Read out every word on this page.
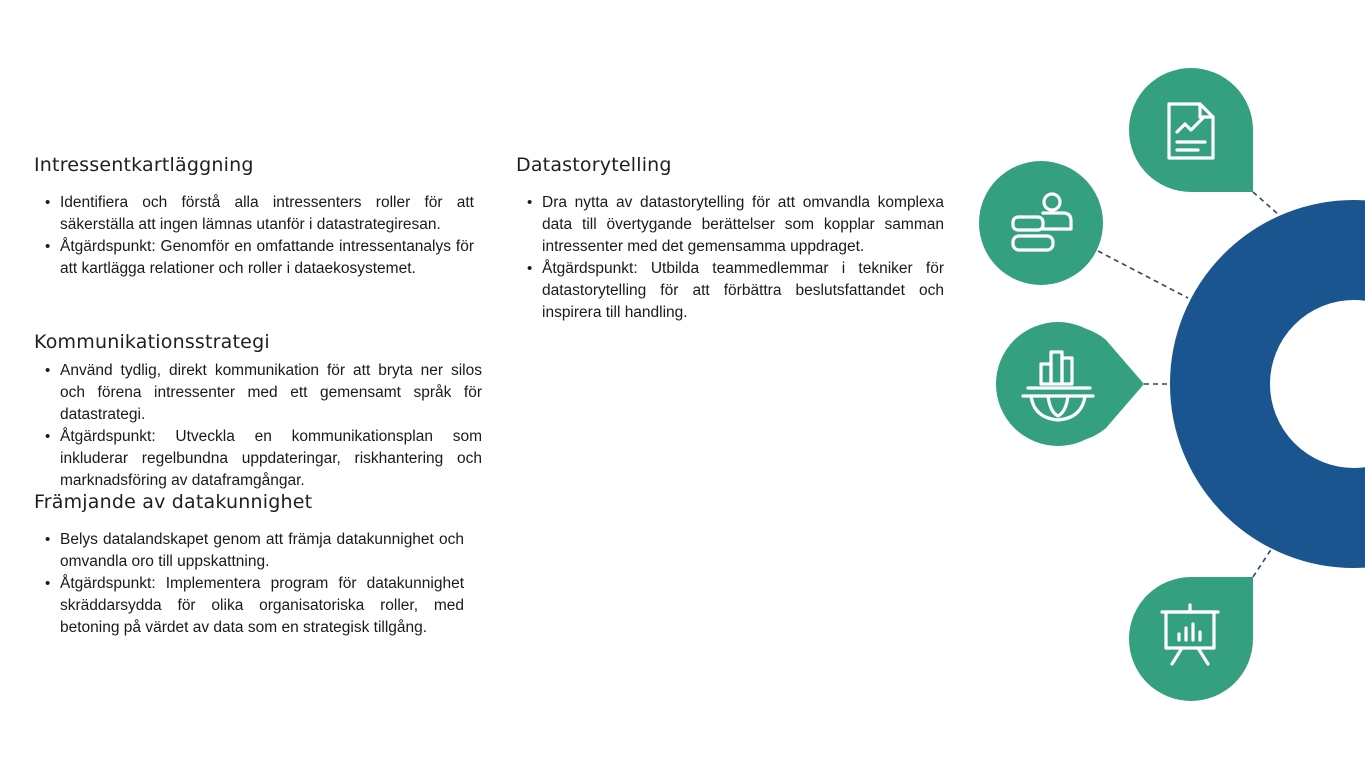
Intressentkartläggning
• Identifiera och förstå alla intressenters roller för att säkerställa att ingen lämnas utanför i datastrategiresan.
• Åtgärdspunkt: Genomför en omfattande intressentanalys för att kartlägga relationer och roller i dataekosystemet.
Kommunikationsstrategi
• Använd tydlig, direkt kommunikation för att bryta ner silos och förena intressenter med ett gemensamt språk för datastrategi.
• Åtgärdspunkt: Utveckla en kommunikationsplan som inkluderar regelbundna uppdateringar, riskhantering och marknadsföring av dataframgångar.
Främjande av datakunnighet
• Belys datalandskapet genom att främja datakunnighet och omvandla oro till uppskattning.
• Åtgärdspunkt: Implementera program för datakunnighet skräddarsydda för olika organisatoriska roller, med betoning på värdet av data som en strategisk tillgång.
Datastorytelling
• Dra nytta av datastorytelling för att omvandla komplexa data till övertygande berättelser som kopplar samman intressenter med det gemensamma uppdraget.
• Åtgärdspunkt: Utbilda teammedlemmar i tekniker för datastorytelling för att förbättra beslutsfattandet och inspirera till handling.
